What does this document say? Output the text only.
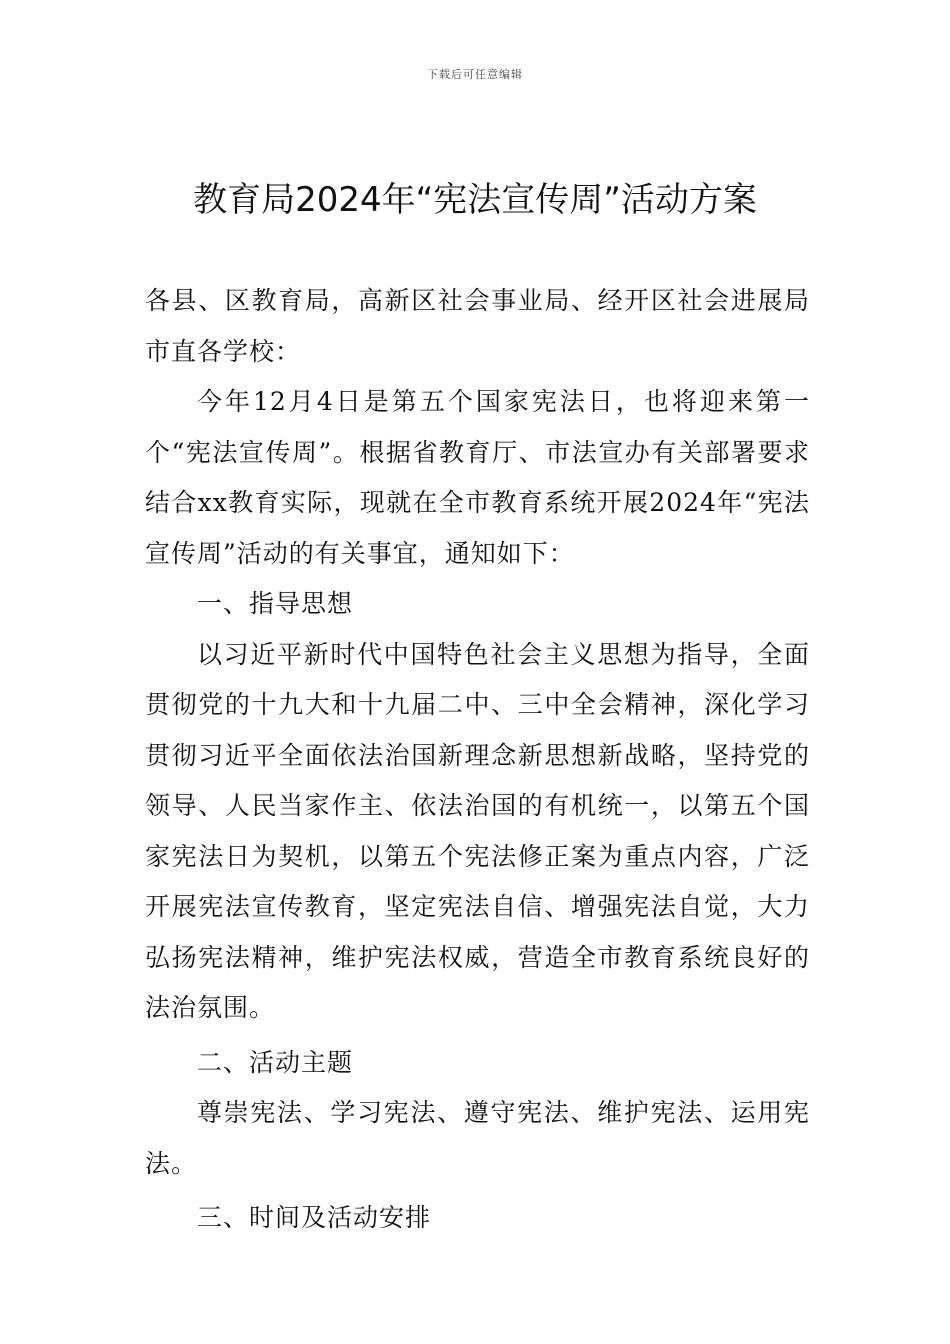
下载后可任意编辑
教育局2024年“宪法宣传周”活动方案

各县、区教育局，高新区社会事业局、经开区社会进展局市直各学校：

今年12月4日是第五个国家宪法日，也将迎来第一个“宪法宣传周”。根据省教育厅、市法宣办有关部署要求结合xx教育实际，现就在全市教育系统开展2024年“宪法宣传周”活动的有关事宜，通知如下：

一、指导思想

以习近平新时代中国特色社会主义思想为指导，全面贯彻党的十九大和十九届二中、三中全会精神，深化学习贯彻习近平全面依法治国新理念新思想新战略，坚持党的领导、人民当家作主、依法治国的有机统一，以第五个国家宪法日为契机，以第五个宪法修正案为重点内容，广泛开展宪法宣传教育，坚定宪法自信、增强宪法自觉，大力弘扬宪法精神，维护宪法权威，营造全市教育系统良好的法治氛围。

二、活动主题

尊崇宪法、学习宪法、遵守宪法、维护宪法、运用宪法。

三、时间及活动安排
